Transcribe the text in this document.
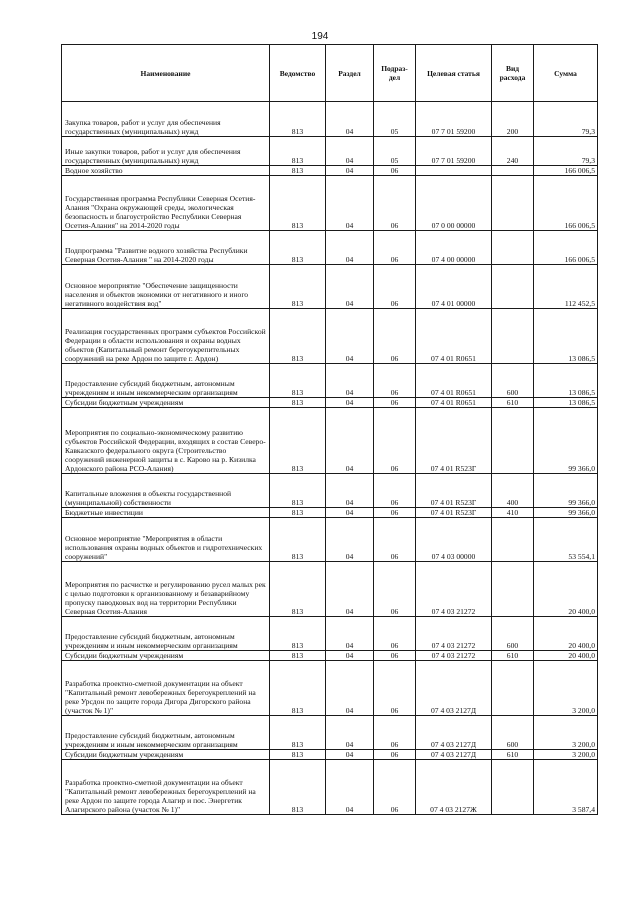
194
Наименование	Ведомство	Раздел	Подраз-дел	Целевая статья	Вид расхода	Сумма
Закупка товаров, работ и услуг для обеспечения государственных (муниципальных) нужд	813	04	05	07 7 01 59200	200	79,3
Иные закупки товаров, работ и услуг для обеспечения государственных (муниципальных) нужд	813	04	05	07 7 01 59200	240	79,3
Водное хозяйство	813	04	06			166 006,5
Государственная программа Республики Северная Осетия-Алания "Охрана окружающей среды, экологическая безопасность и благоустройство Республики Северная Осетия-Алания" на 2014-2020 годы	813	04	06	07 0 00 00000		166 006,5
Подпрограмма "Развитие водного хозяйства Республики Северная Осетия-Алания " на 2014-2020 годы	813	04	06	07 4 00 00000		166 006,5
Основное мероприятие "Обеспечение защищенности населения и объектов экономики от негативного и иного негативного воздействия вод"	813	04	06	07 4 01 00000		112 452,5
Реализация государственных программ субъектов Российской Федерации в области использования и охраны водных объектов (Капитальный ремонт берегоукрепительных сооружений на реке Ардон по защите г. Ардон)	813	04	06	07 4 01 R0651		13 086,5
Предоставление субсидий бюджетным, автономным учреждениям и иным некоммерческим организациям	813	04	06	07 4 01 R0651	600	13 086,5
Субсидии бюджетным учреждениям	813	04	06	07 4 01 R0651	610	13 086,5
Мероприятия по социально-экономическому развитию субъектов Российской Федерации, входящих в состав Северо-Кавказского федерального округа (Строительство сооружений инженерной защиты в с. Карово на р. Кизилка Ардонского района РСО-Алания)	813	04	06	07 4 01 R523Г		99 366,0
Капитальные вложения в объекты государственной (муниципальной) собственности	813	04	06	07 4 01 R523Г	400	99 366,0
Бюджетные инвестиции	813	04	06	07 4 01 R523Г	410	99 366,0
Основное мероприятие "Мероприятия в области использования охраны водных объектов и гидротехнических сооружений"	813	04	06	07 4 03 00000		53 554,1
Мероприятия по расчистке и регулированию русел малых рек с целью подготовки к организованному и безаварийному пропуску паводковых вод на территории Республики Северная Осетия-Алания	813	04	06	07 4 03 21272		20 400,0
Предоставление субсидий бюджетным, автономным учреждениям и иным некоммерческим организациям	813	04	06	07 4 03 21272	600	20 400,0
Субсидии бюджетным учреждениям	813	04	06	07 4 03 21272	610	20 400,0
Разработка проектно-сметной документации на объект "Капитальный ремонт левобережных берегоукреплений на реке Урсдон по защите города Дигора Дигорского района (участок № 1)"	813	04	06	07 4 03 2127Д		3 200,0
Предоставление субсидий бюджетным, автономным учреждениям и иным некоммерческим организациям	813	04	06	07 4 03 2127Д	600	3 200,0
Субсидии бюджетным учреждениям	813	04	06	07 4 03 2127Д	610	3 200,0
Разработка проектно-сметной документации на объект "Капитальный ремонт левобережных берегоукреплений на реке Ардон по защите города Алагир и пос. Энергетик Алагирского района (участок № 1)"	813	04	06	07 4 03 2127Ж		3 587,4
